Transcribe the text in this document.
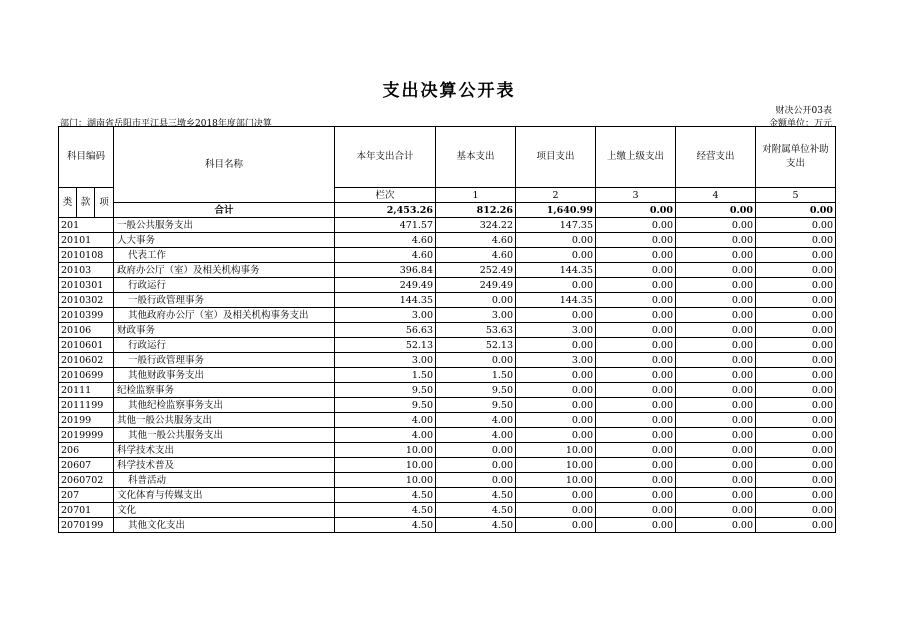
支出决算公开表
财决公开03表
部门：湖南省岳阳市平江县三墩乡2018年度部门决算	金额单位：万元
科目编码			科目名称	本年支出合计	基本支出	项目支出	上缴上级支出	经营支出	对附属单位补助支出	
类	款	项		栏次	1	2	3	4	5	
			合计	2,453.26	812.26	1,640.99	0.00	0.00	0.00	
201			一般公共服务支出	471.57	324.22	147.35	0.00	0.00	0.00	
20101			人大事务	4.60	4.60	0.00	0.00	0.00	0.00	
2010108			代表工作	4.60	4.60	0.00	0.00	0.00	0.00	
20103			政府办公厅（室）及相关机构事务	396.84	252.49	144.35	0.00	0.00	0.00	
2010301			行政运行	249.49	249.49	0.00	0.00	0.00	0.00	
2010302			一般行政管理事务	144.35	0.00	144.35	0.00	0.00	0.00	
2010399			其他政府办公厅（室）及相关机构事务支出	3.00	3.00	0.00	0.00	0.00	0.00	
20106			财政事务	56.63	53.63	3.00	0.00	0.00	0.00	
2010601			行政运行	52.13	52.13	0.00	0.00	0.00	0.00	
2010602			一般行政管理事务	3.00	0.00	3.00	0.00	0.00	0.00	
2010699			其他财政事务支出	1.50	1.50	0.00	0.00	0.00	0.00	
20111			纪检监察事务	9.50	9.50	0.00	0.00	0.00	0.00	
2011199			其他纪检监察事务支出	9.50	9.50	0.00	0.00	0.00	0.00	
20199			其他一般公共服务支出	4.00	4.00	0.00	0.00	0.00	0.00	
2019999			其他一般公共服务支出	4.00	4.00	0.00	0.00	0.00	0.00	
206			科学技术支出	10.00	0.00	10.00	0.00	0.00	0.00	
20607			科学技术普及	10.00	0.00	10.00	0.00	0.00	0.00	
2060702			科普活动	10.00	0.00	10.00	0.00	0.00	0.00	
207			文化体育与传媒支出	4.50	4.50	0.00	0.00	0.00	0.00	
20701			文化	4.50	4.50	0.00	0.00	0.00	0.00	
2070199			其他文化支出	4.50	4.50	0.00	0.00	0.00	0.00	
